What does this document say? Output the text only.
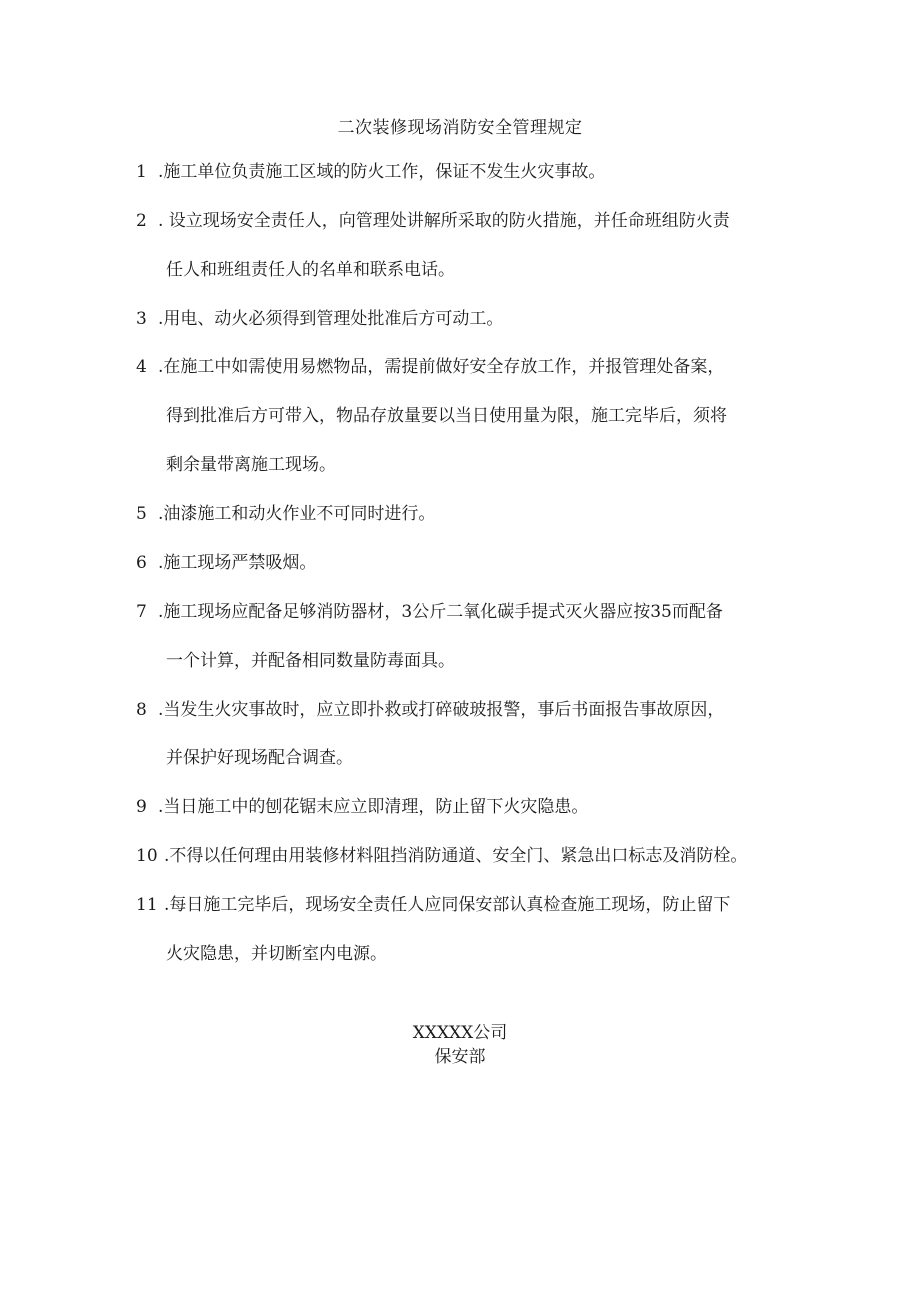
二次装修现场消防安全管理规定
1 .施工单位负责施工区域的防火工作，保证不发生火灾事故。
2 . 设立现场安全责任人，向管理处讲解所采取的防火措施，并任命班组防火责
任人和班组责任人的名单和联系电话。
3 .用电、动火必须得到管理处批准后方可动工。
4 .在施工中如需使用易燃物品，需提前做好安全存放工作，并报管理处备案，
得到批准后方可带入，物品存放量要以当日使用量为限，施工完毕后，须将
剩余量带离施工现场。
5 .油漆施工和动火作业不可同时进行。
6 .施工现场严禁吸烟。
7 .施工现场应配备足够消防器材，3公斤二氧化碳手提式灭火器应按35而配备
一个计算，并配备相同数量防毒面具。
8 .当发生火灾事故时，应立即扑救或打碎破玻报警，事后书面报告事故原因，
并保护好现场配合调查。
9 .当日施工中的刨花锯末应立即清理，防止留下火灾隐患。
10 .不得以任何理由用装修材料阻挡消防通道、安全门、紧急出口标志及消防栓。
11 .每日施工完毕后，现场安全责任人应同保安部认真检查施工现场，防止留下
火灾隐患，并切断室内电源。
XXXXX公司
保安部
